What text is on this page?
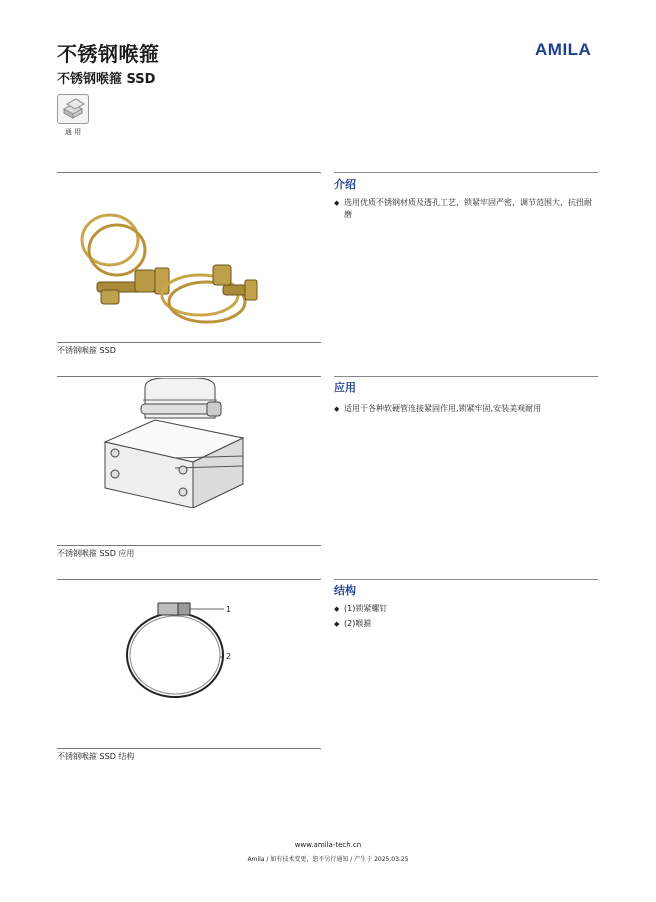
不锈钢喉箍
不锈钢喉箍 SSD
AMILA
通 用
不锈钢喉箍 SSD
介绍
◆ 选用优质不锈钢材质及透孔工艺，锁紧牢固严密，调节范围大，抗扭耐磨
不锈钢喉箍 SSD 应用
应用
◆ 适用于各种软硬管连接紧固作用,锁紧牢固,安装美观耐用
1
2
不锈钢喉箍 SSD 结构
结构
◆ (1)锁紧螺钉
◆ (2)喉箍
www.amila-tech.cn
Amila / 如有技术变更，恕不另行通知 / 产生于 2025.03.25
